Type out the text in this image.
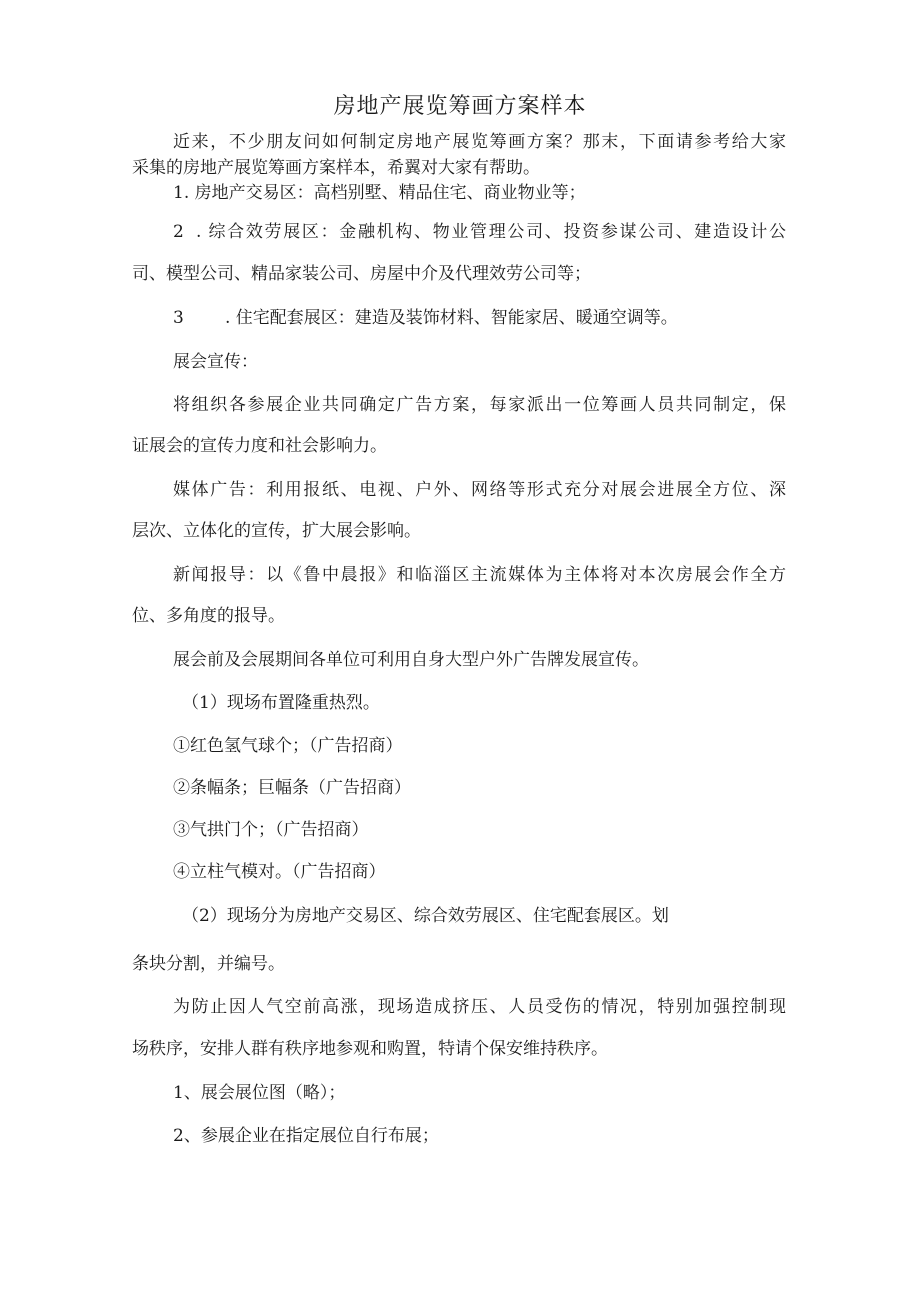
房地产展览筹画方案样本
近来，不少朋友问如何制定房地产展览筹画方案？那末，下面请参考给大家
采集的房地产展览筹画方案样本，希翼对大家有帮助。
1. 房地产交易区：高档别墅、精品住宅、商业物业等；
2 . 综合效劳展区：金融机构、物业管理公司、投资参谋公司、建造设计公
司、模型公司、精品家装公司、房屋中介及代理效劳公司等；
3 . 住宅配套展区：建造及装饰材料、智能家居、暖通空调等。
展会宣传：
将组织各参展企业共同确定广告方案，每家派出一位筹画人员共同制定，保
证展会的宣传力度和社会影响力。
媒体广告：利用报纸、电视、户外、网络等形式充分对展会进展全方位、深
层次、立体化的宣传，扩大展会影响。
新闻报导：以《鲁中晨报》和临淄区主流媒体为主体将对本次房展会作全方
位、多角度的报导。
展会前及会展期间各单位可利用自身大型户外广告牌发展宣传。
（1）现场布置隆重热烈。
①红色氢气球个；（广告招商）
②条幅条；巨幅条（广告招商）
③气拱门个；（广告招商）
④立柱气模对。（广告招商）
（2）现场分为房地产交易区、综合效劳展区、住宅配套展区。划
条块分割，并编号。
为防止因人气空前高涨，现场造成挤压、人员受伤的情况，特别加强控制现
场秩序，安排人群有秩序地参观和购置，特请个保安维持秩序。
1、展会展位图（略）；
2、参展企业在指定展位自行布展；
